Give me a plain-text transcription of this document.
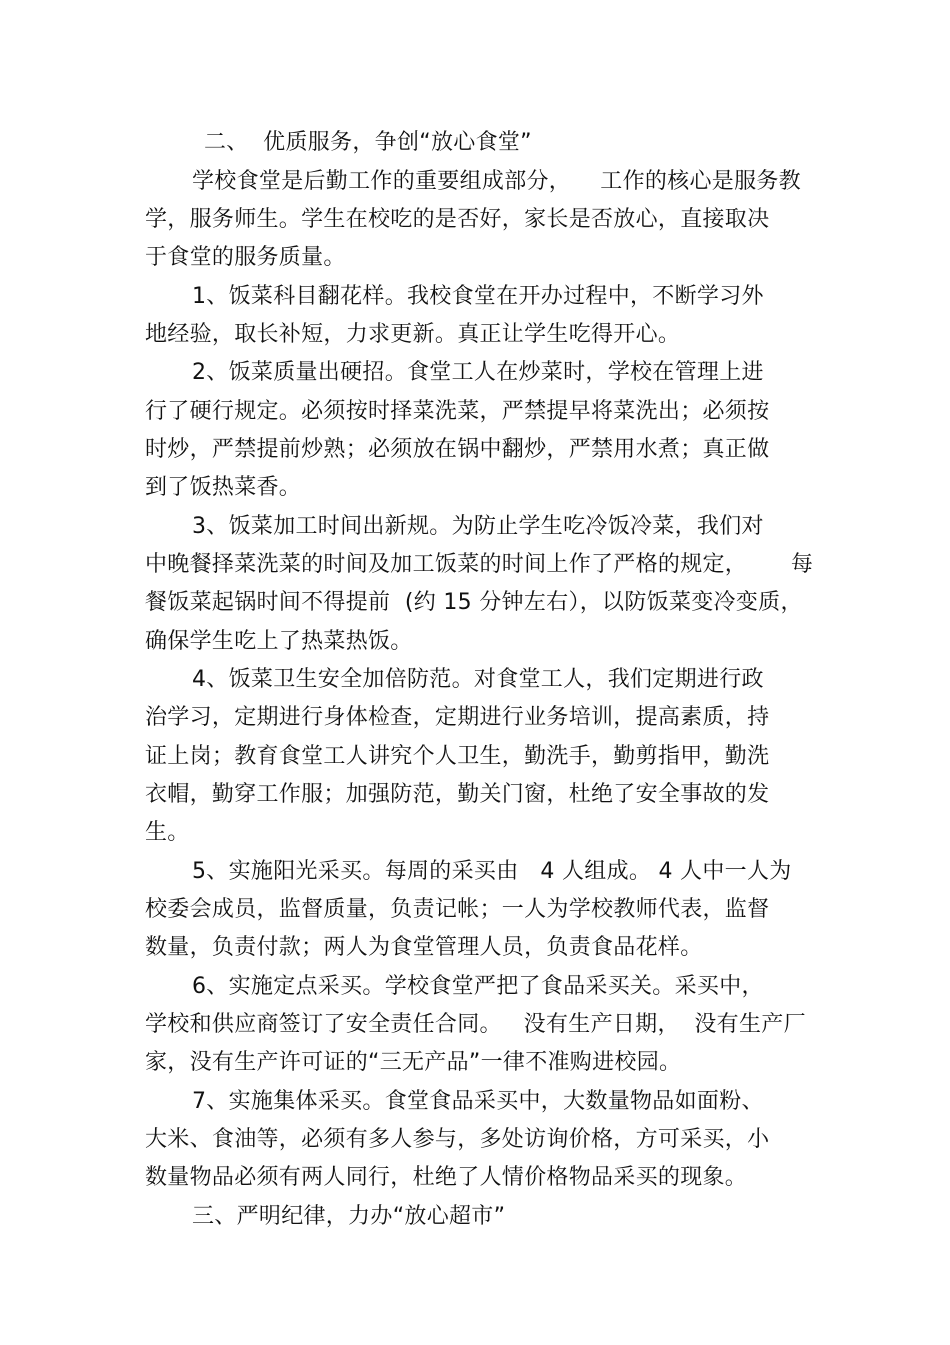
二、  优质服务，争创“放心食堂”
学校食堂是后勤工作的重要组成部分，    工作的核心是服务教
学，服务师生。学生在校吃的是否好，家长是否放心，直接取决
于食堂的服务质量。
1、饭菜科目翻花样。我校食堂在开办过程中，不断学习外
地经验，取长补短，力求更新。真正让学生吃得开心。
2、饭菜质量出硬招。食堂工人在炒菜时，学校在管理上进
行了硬行规定。必须按时择菜洗菜，严禁提早将菜洗出；必须按
时炒，严禁提前炒熟；必须放在锅中翻炒，严禁用水煮；真正做
到了饭热菜香。
3、饭菜加工时间出新规。为防止学生吃冷饭冷菜，我们对
中晚餐择菜洗菜的时间及加工饭菜的时间上作了严格的规定，      每
餐饭菜起锅时间不得提前  (约 15 分钟左右），以防饭菜变冷变质，
确保学生吃上了热菜热饭。
4、饭菜卫生安全加倍防范。对食堂工人，我们定期进行政
治学习，定期进行身体检查，定期进行业务培训，提高素质，持
证上岗；教育食堂工人讲究个人卫生，勤洗手，勤剪指甲，勤洗
衣帽，勤穿工作服；加强防范，勤关门窗，杜绝了安全事故的发
生。
5、实施阳光采买。每周的采买由   4 人组成。 4 人中一人为
校委会成员，监督质量，负责记帐；一人为学校教师代表，监督
数量，负责付款；两人为食堂管理人员，负责食品花样。
6、实施定点采买。学校食堂严把了食品采买关。采买中，
学校和供应商签订了安全责任合同。   没有生产日期，  没有生产厂
家，没有生产许可证的“三无产品”一律不准购进校园。
7、实施集体采买。食堂食品采买中，大数量物品如面粉、
大米、食油等，必须有多人参与，多处访询价格，方可采买，小
数量物品必须有两人同行，杜绝了人情价格物品采买的现象。
三、严明纪律，力办“放心超市”
